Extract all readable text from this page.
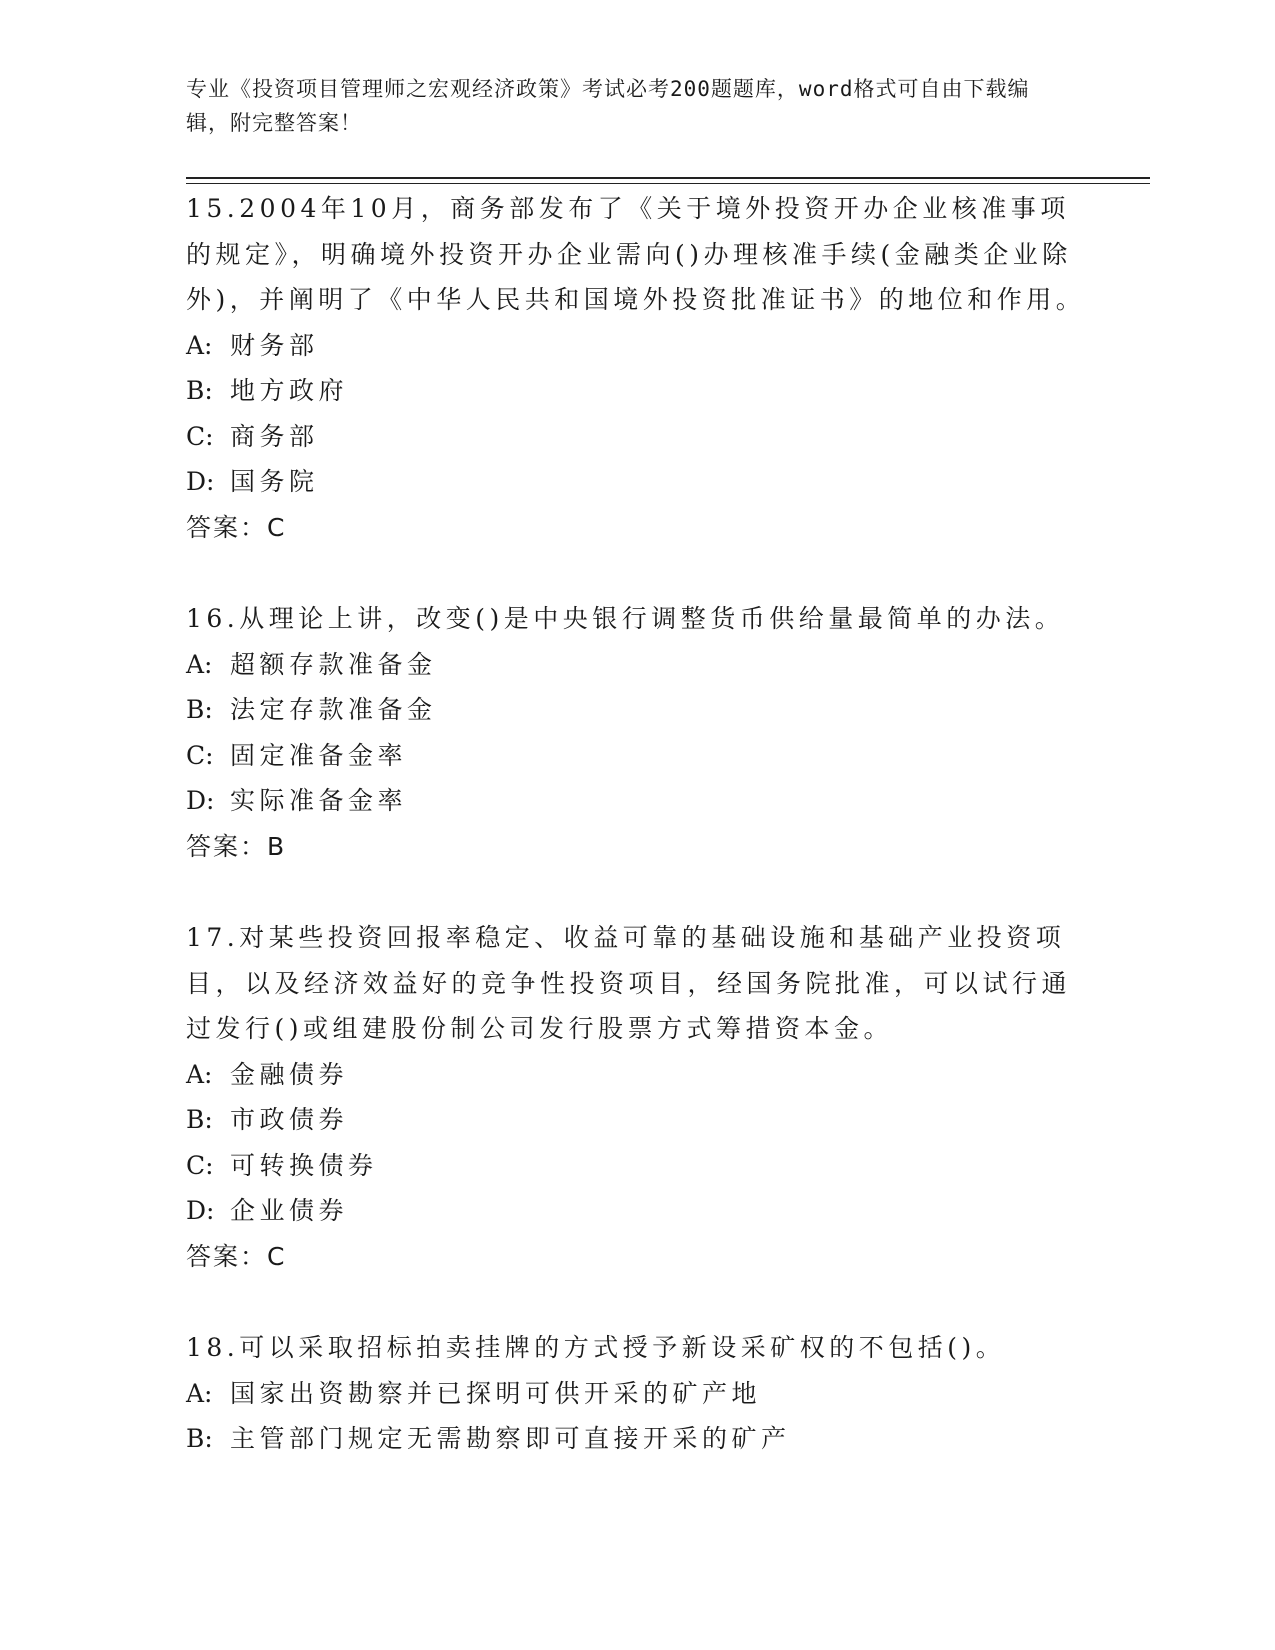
专业《投资项目管理师之宏观经济政策》考试必考200题题库，word格式可自由下载编辑，附完整答案！

15.2004年10月，商务部发布了《关于境外投资开办企业核准事项的规定》，明确境外投资开办企业需向()办理核准手续(金融类企业除外)，并阐明了《中华人民共和国境外投资批准证书》的地位和作用。

A: 财务部

B: 地方政府

C: 商务部

D: 国务院

答案：C

16.从理论上讲，改变()是中央银行调整货币供给量最简单的办法。

A: 超额存款准备金

B: 法定存款准备金

C: 固定准备金率

D: 实际准备金率

答案：B

17.对某些投资回报率稳定、收益可靠的基础设施和基础产业投资项目，以及经济效益好的竞争性投资项目，经国务院批准，可以试行通过发行()或组建股份制公司发行股票方式筹措资本金。

A: 金融债券

B: 市政债券

C: 可转换债券

D: 企业债券

答案：C

18.可以采取招标拍卖挂牌的方式授予新设采矿权的不包括()。

A: 国家出资勘察并已探明可供开采的矿产地

B: 主管部门规定无需勘察即可直接开采的矿产
